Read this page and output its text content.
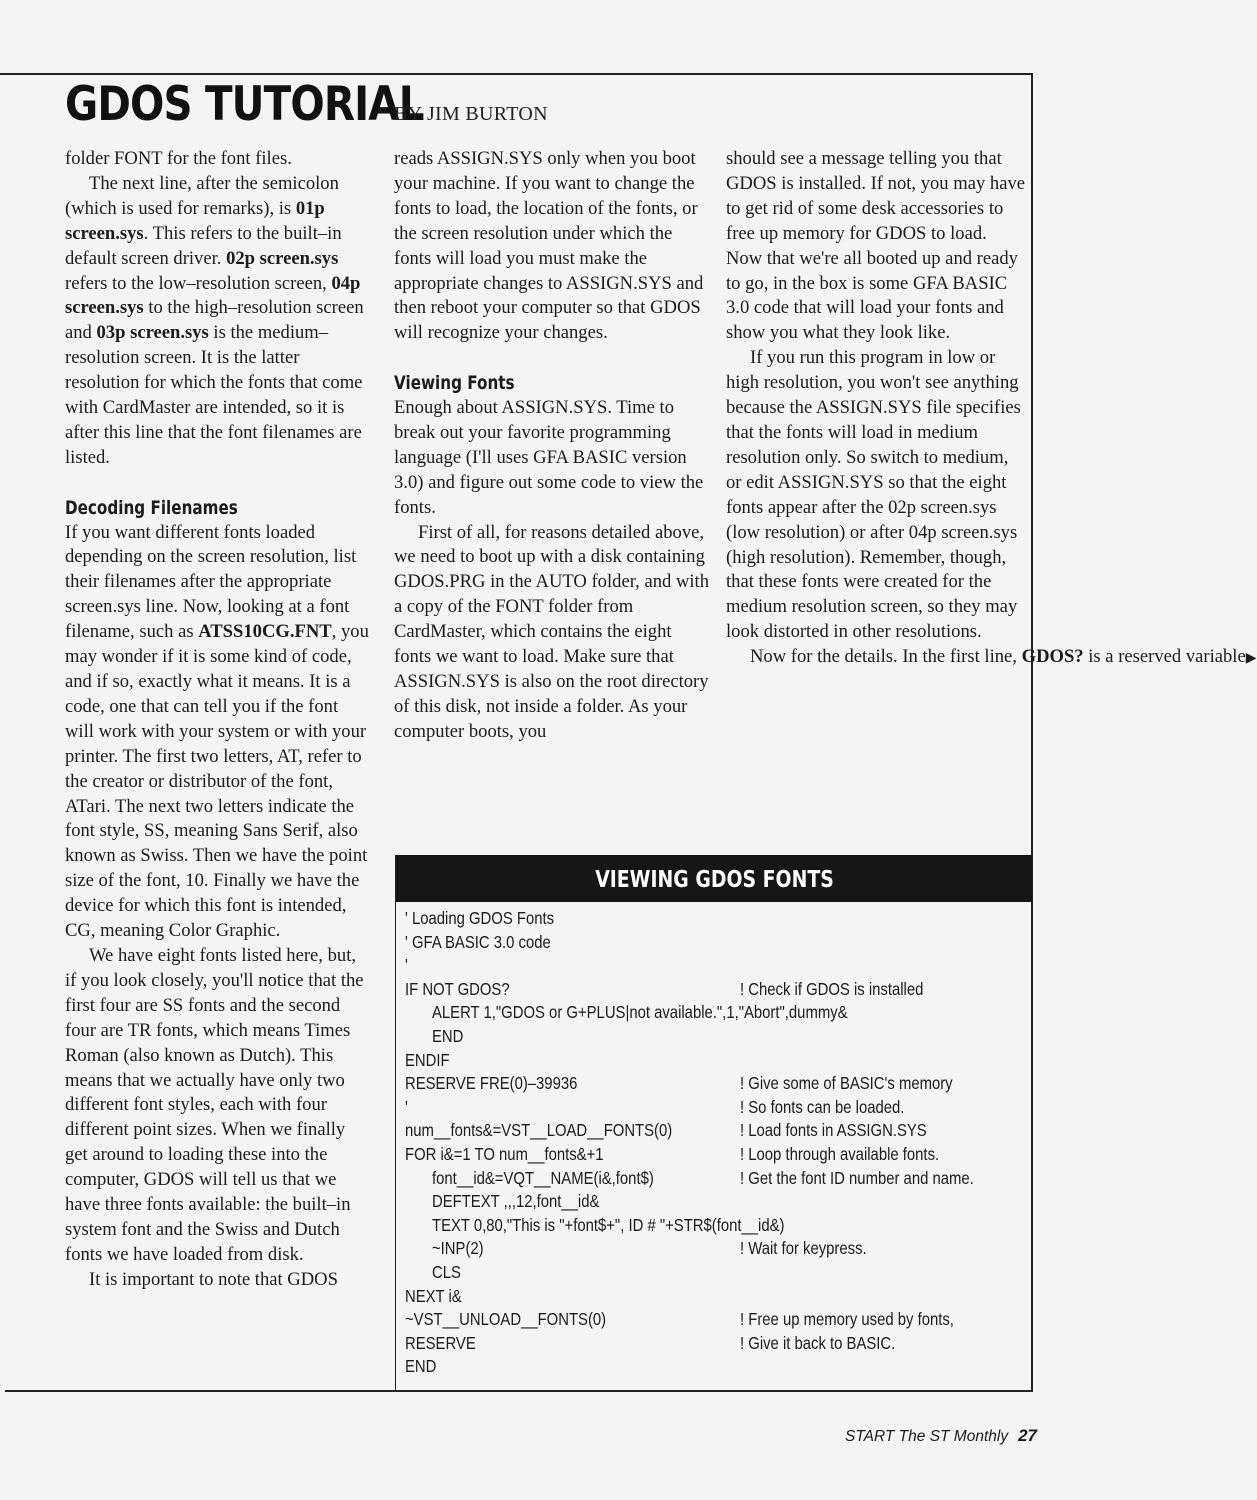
GDOS TUTORIAL
BY JIM BURTON

folder FONT for the font files.

The next line, after the semicolon (which is used for remarks), is 01p screen.sys. This refers to the built–in default screen driver. 02p screen.sys refers to the low–resolution screen, 04p screen.sys to the high–resolution screen and 03p screen.sys is the medium–resolution screen. It is the latter resolution for which the fonts that come with CardMaster are intended, so it is after this line that the font filenames are listed.

Decoding Filenames

If you want different fonts loaded depending on the screen resolution, list their filenames after the appropriate screen.sys line. Now, looking at a font filename, such as ATSS10CG.FNT, you may wonder if it is some kind of code, and if so, exactly what it means. It is a code, one that can tell you if the font will work with your system or with your printer. The first two letters, AT, refer to the creator or distributor of the font, ATari. The next two letters indicate the font style, SS, meaning Sans Serif, also known as Swiss. Then we have the point size of the font, 10. Finally we have the device for which this font is intended, CG, meaning Color Graphic.

We have eight fonts listed here, but, if you look closely, you'll notice that the first four are SS fonts and the second four are TR fonts, which means Times Roman (also known as Dutch). This means that we actually have only two different font styles, each with four different point sizes. When we finally get around to loading these into the computer, GDOS will tell us that we have three fonts available: the built–in system font and the Swiss and Dutch fonts we have loaded from disk.

It is important to note that GDOS

reads ASSIGN.SYS only when you boot your machine. If you want to change the fonts to load, the location of the fonts, or the screen resolution under which the fonts will load you must make the appropriate changes to ASSIGN.SYS and then reboot your computer so that GDOS will recognize your changes.

Viewing Fonts

Enough about ASSIGN.SYS. Time to break out your favorite programming language (I'll uses GFA BASIC version 3.0) and figure out some code to view the fonts.

First of all, for reasons detailed above, we need to boot up with a disk containing GDOS.PRG in the AUTO folder, and with a copy of the FONT folder from CardMaster, which contains the eight fonts we want to load. Make sure that ASSIGN.SYS is also on the root directory of this disk, not inside a folder. As your computer boots, you

should see a message telling you that GDOS is installed. If not, you may have to get rid of some desk accessories to free up memory for GDOS to load. Now that we're all booted up and ready to go, in the box is some GFA BASIC 3.0 code that will load your fonts and show you what they look like.

If you run this program in low or high resolution, you won't see anything because the ASSIGN.SYS file specifies that the fonts will load in medium resolution only. So switch to medium, or edit ASSIGN.SYS so that the eight fonts appear after the 02p screen.sys (low resolution) or after 04p screen.sys (high resolution). Remember, though, that these fonts were created for the medium resolution screen, so they may look distorted in other resolutions.

Now for the details. In the first line, GDOS? is a reserved variable▶

VIEWING GDOS FONTS
' Loading GDOS Fonts
' GFA BASIC 3.0 code
'
IF NOT GDOS?	! Check if GDOS is installed
ALERT 1,"GDOS or G+PLUS|not available.",1,"Abort",dummy&
END
ENDIF
RESERVE FRE(0)–39936	! Give some of BASIC's memory
'	! So fonts can be loaded.
num__fonts&=VST__LOAD__FONTS(0)	! Load fonts in ASSIGN.SYS
FOR i&=1 TO num__fonts&+1	! Loop through available fonts.
font__id&=VQT__NAME(i&,font$)	! Get the font ID number and name.
DEFTEXT ,,,12,font__id&
TEXT 0,80,"This is "+font$+", ID # "+STR$(font__id&)
~INP(2)	! Wait for keypress.
CLS
NEXT i&
~VST__UNLOAD__FONTS(0)	! Free up memory used by fonts,
RESERVE	! Give it back to BASIC.
END
START The ST Monthly 27
